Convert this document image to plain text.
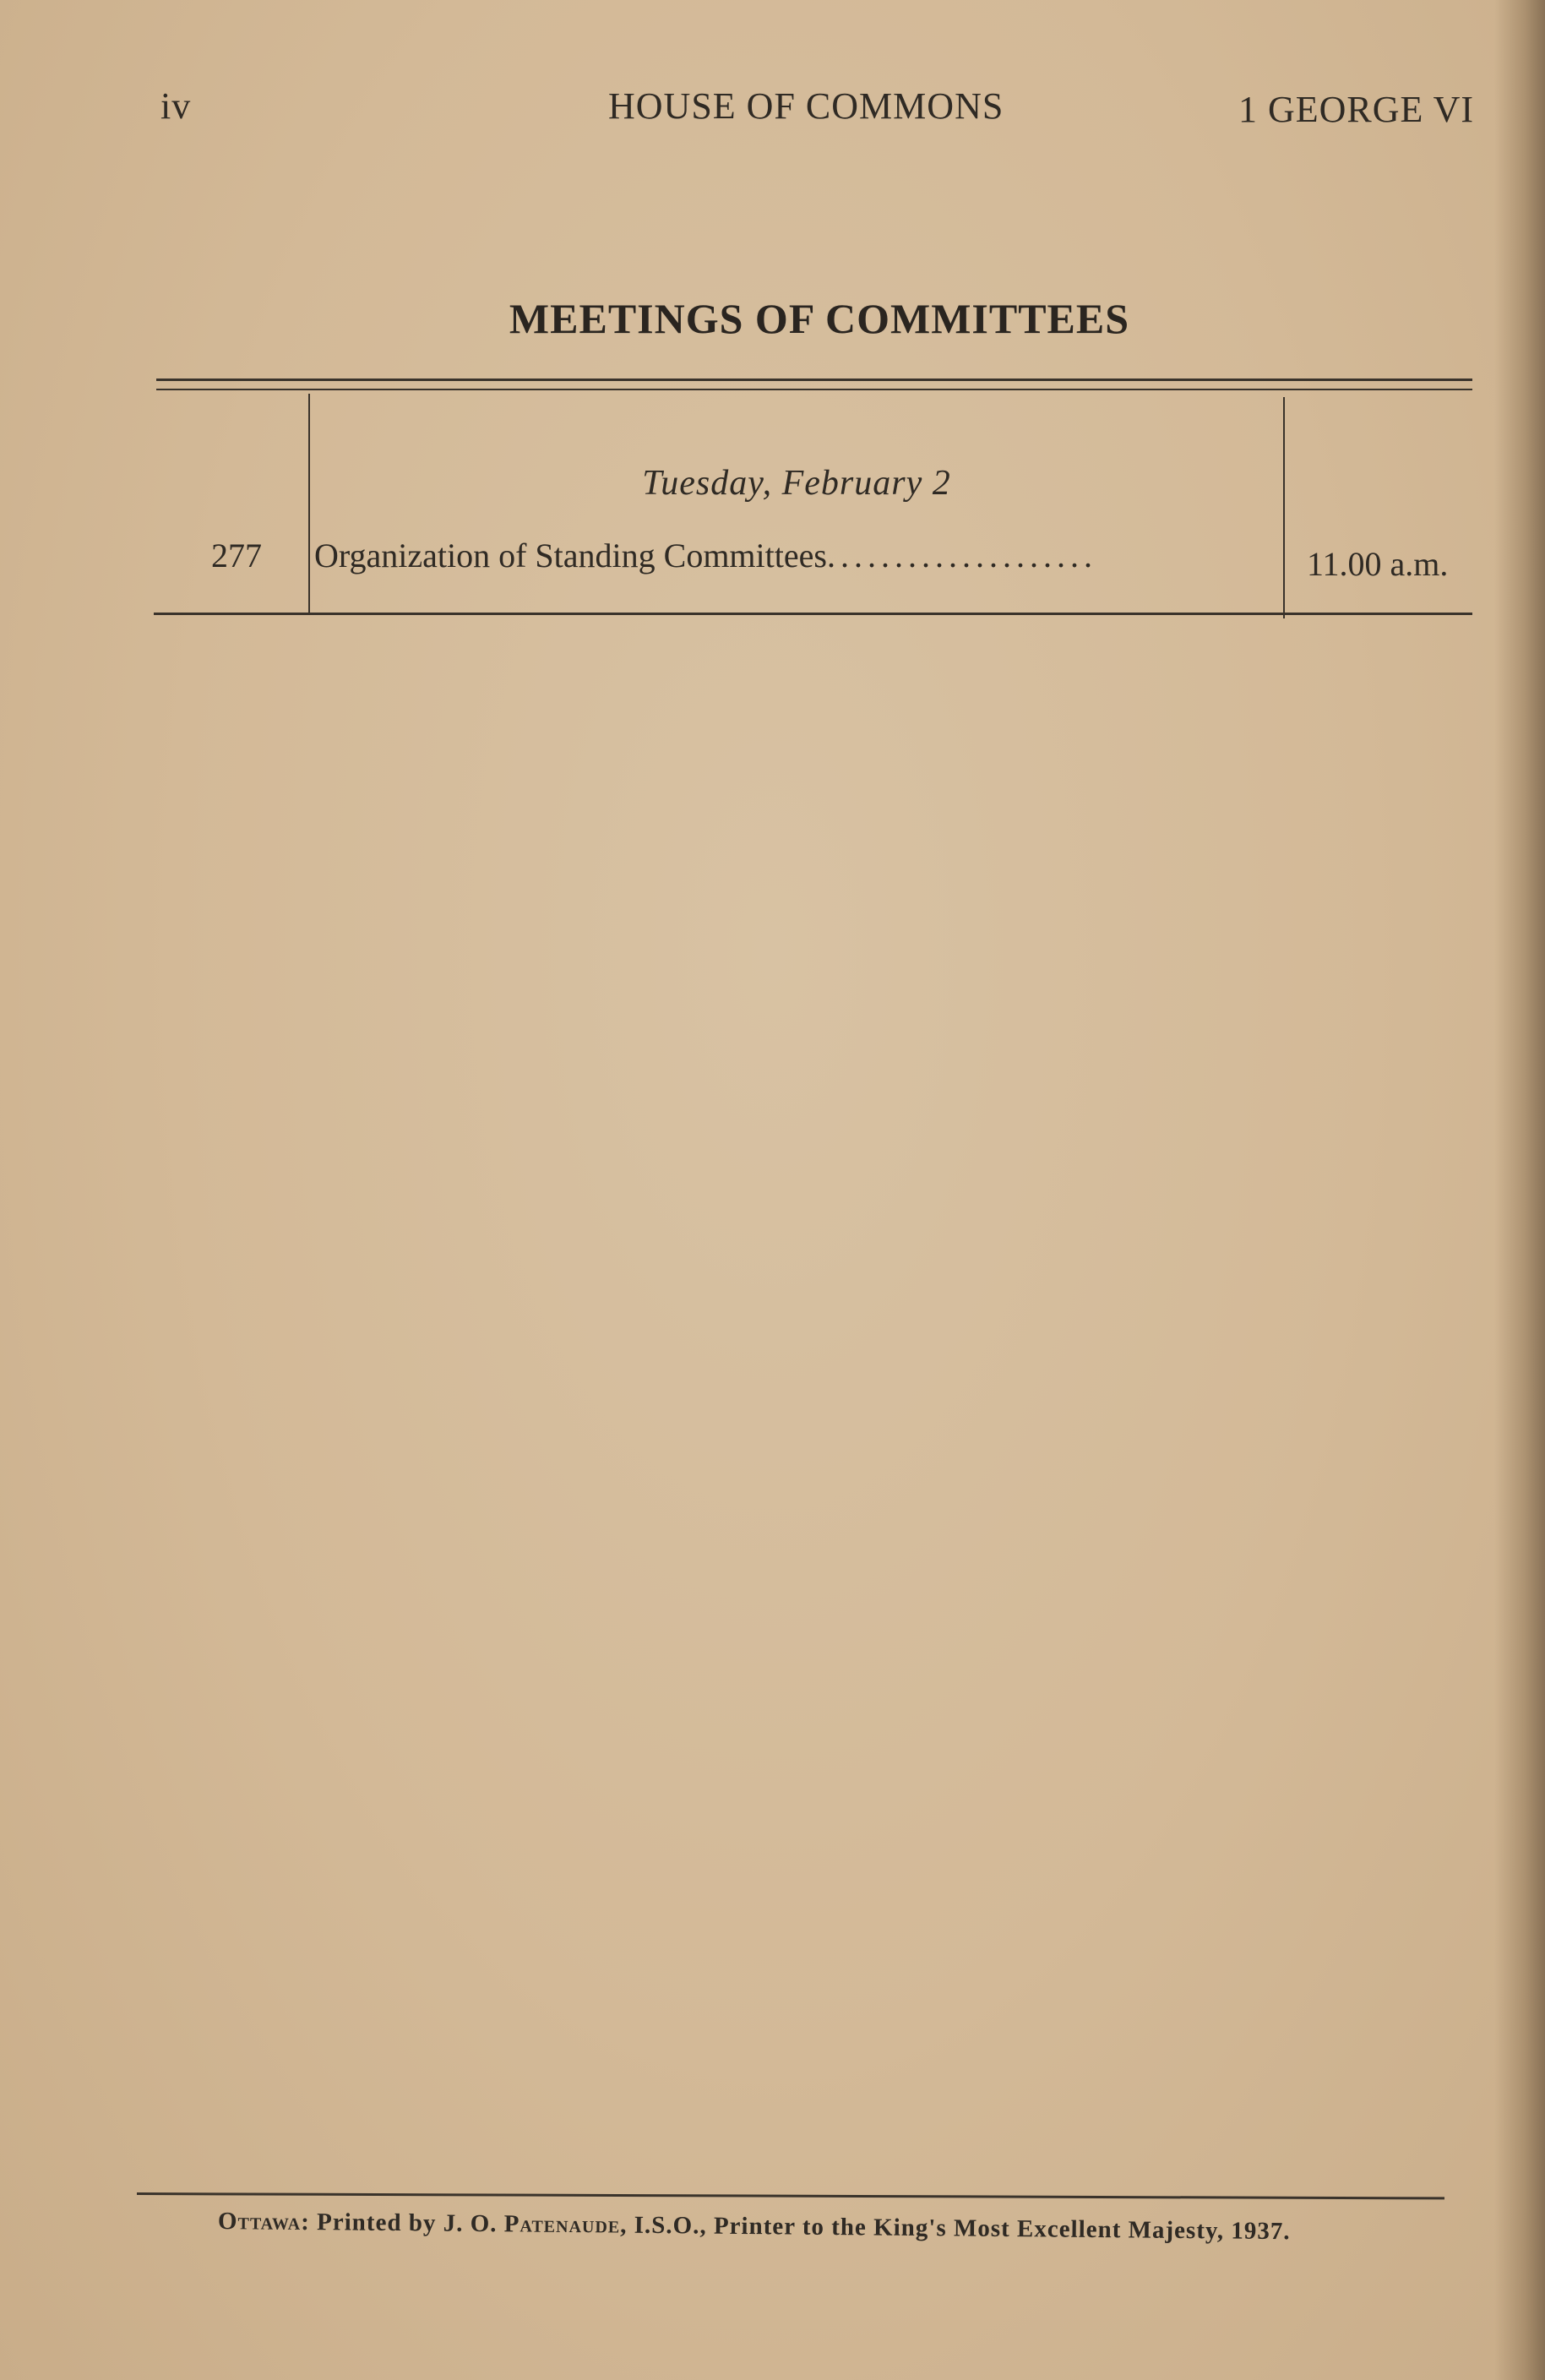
iv	HOUSE OF COMMONS	1 GEORGE VI
MEETINGS OF COMMITTEES
Tuesday, February 2
277 Organization of Standing Committees....................	11.00 a.m.
Ottawa: Printed by J. O. Patenaude, I.S.O., Printer to the King's Most Excellent Majesty, 1937.
